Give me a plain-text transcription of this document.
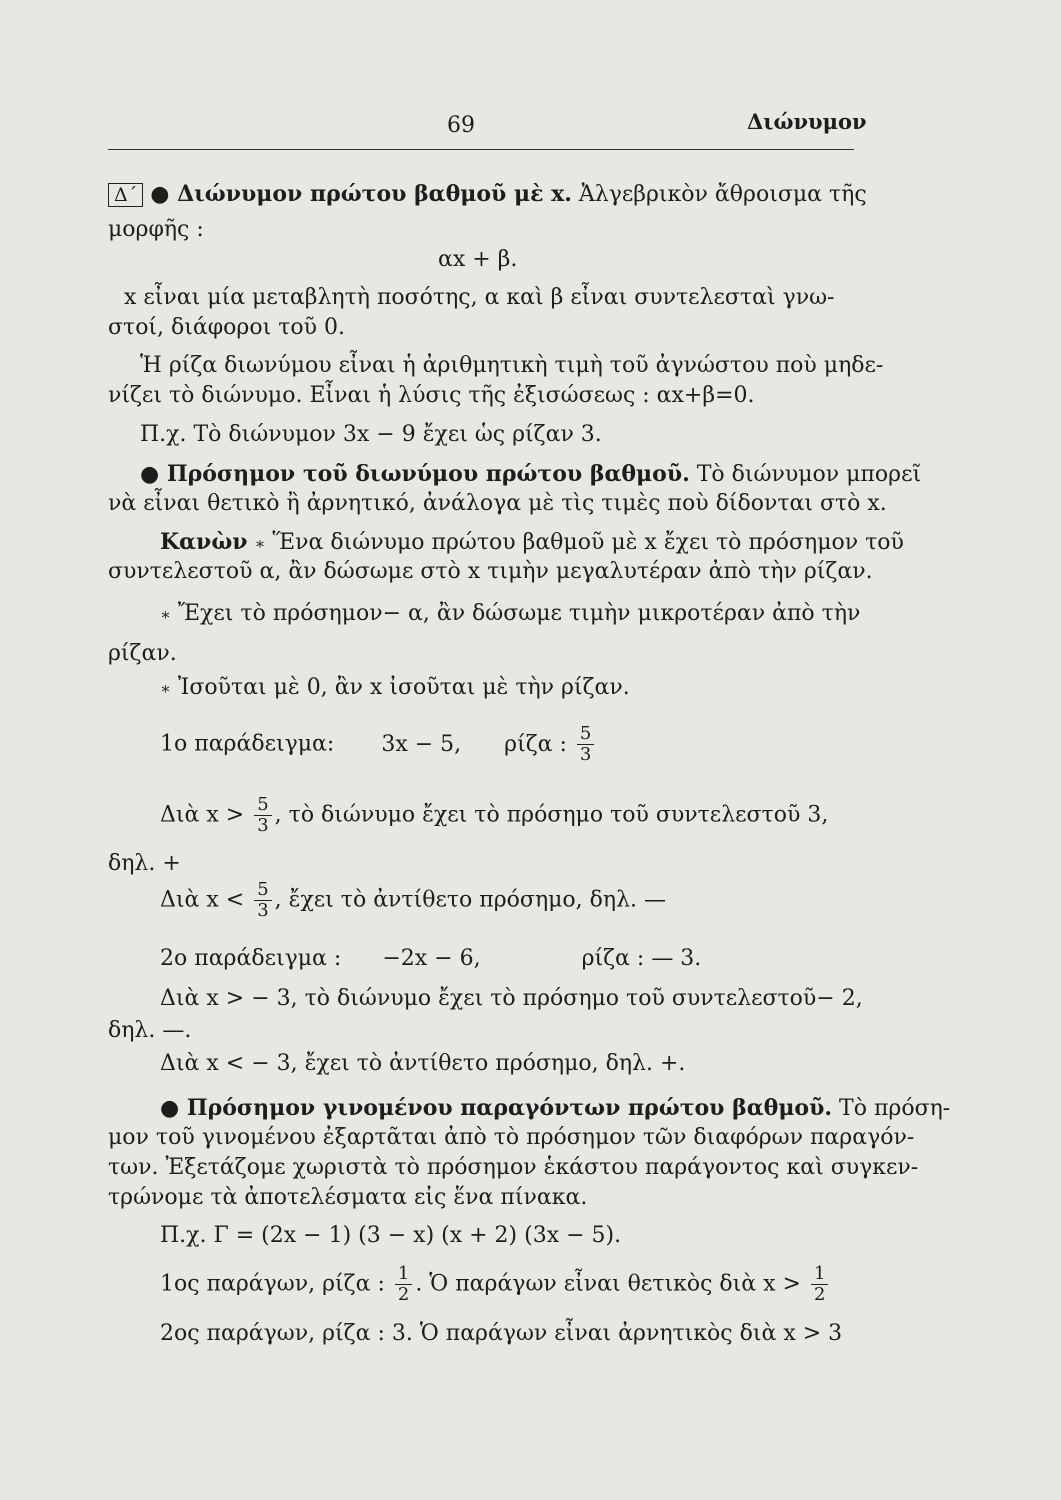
69	Διώνυμον
Δ΄ ● Διώνυμον πρώτου βαθμοῦ μὲ x. Ἀλγεβρικὸν ἄθροισμα τῆς
μορφῆς :
αx + β.
x εἶναι μία μεταβλητὴ ποσότης, α καὶ β εἶναι συντελεσταὶ γνω-
στοί, διάφοροι τοῦ 0.
Ἡ ρίζα διωνύμου εἶναι ἡ ἀριθμητικὴ τιμὴ τοῦ ἀγνώστου ποὺ μηδε-
νίζει τὸ διώνυμο. Εἶναι ἡ λύσις τῆς ἐξισώσεως : αx+β=0.
Π.χ. Τὸ διώνυμον 3x − 9 ἔχει ὡς ρίζαν 3.
● Πρόσημον τοῦ διωνύμου πρώτου βαθμοῦ. Τὸ διώνυμον μπορεῖ
νὰ εἶναι θετικὸ ἢ ἀρνητικό, ἀνάλογα μὲ τὶς τιμὲς ποὺ δίδονται στὸ x.
Κανὼν ∗ Ἕνα διώνυμο πρώτου βαθμοῦ μὲ x ἔχει τὸ πρόσημον τοῦ
συντελεστοῦ α, ἂν δώσωμε στὸ x τιμὴν μεγαλυτέραν ἀπὸ τὴν ρίζαν.
∗ Ἔχει τὸ πρόσημον− α, ἂν δώσωμε τιμὴν μικροτέραν ἀπὸ τὴν
ρίζαν.
∗ Ἰσοῦται μὲ 0, ἂν x ἰσοῦται μὲ τὴν ρίζαν.
1ο παράδειγμα: 3x − 5, ρίζα : $\frac{5}{3}$
Διὰ $x > \frac{5}{3}$ , τὸ διώνυμο ἔχει τὸ πρόσημο τοῦ συντελεστοῦ 3,
δηλ. +
Διὰ $x < \frac{5}{3}$ , ἔχει τὸ ἀντίθετο πρόσημο, δηλ. —
2ο παράδειγμα : −2x − 6,	ρίζα : — 3.
Διὰ x > − 3, τὸ διώνυμο ἔχει τὸ πρόσημο τοῦ συντελεστοῦ− 2,
δηλ. —.
Διὰ x < − 3, ἔχει τὸ ἀντίθετο πρόσημο, δηλ. +.
● Πρόσημον γινομένου παραγόντων πρώτου βαθμοῦ. Τὸ πρόση-
μον τοῦ γινομένου ἐξαρτᾶται ἀπὸ τὸ πρόσημον τῶν διαφόρων παραγόν-
των. Ἐξετάζομε χωριστὰ τὸ πρόσημον ἑκάστου παράγοντος καὶ συγκεν-
τρώνομε τὰ ἀποτελέσματα εἰς ἕνα πίνακα.
Π.χ. Γ = (2x − 1) (3 − x) (x + 2) (3x − 5).
1ος παράγων, ρίζα : $\frac{1}{2}$ . Ὁ παράγων εἶναι θετικὸς διὰ $x > \frac{1}{2}$
2ος παράγων, ρίζα : 3. Ὁ παράγων εἶναι ἀρνητικὸς διὰ x > 3
